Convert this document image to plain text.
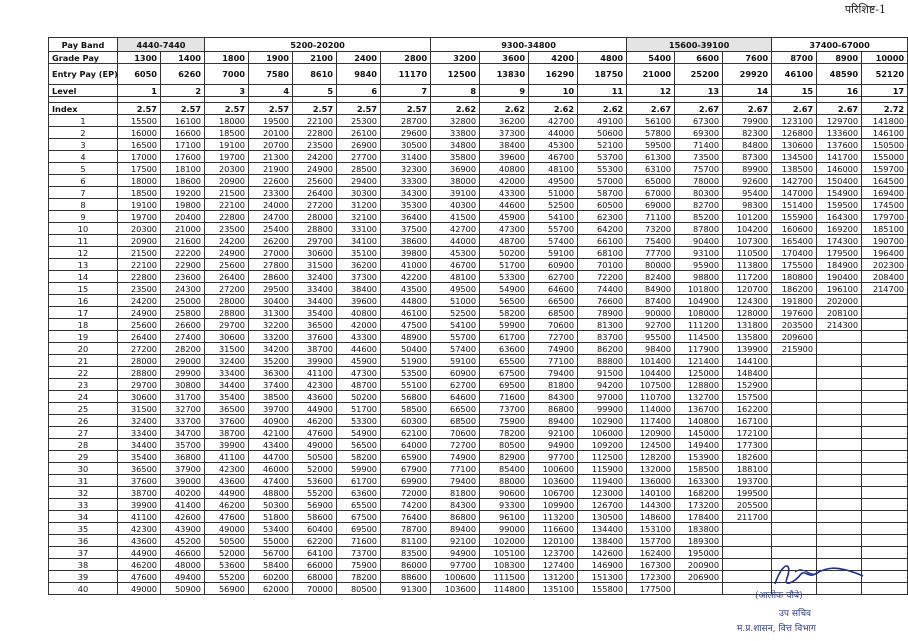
परिशिष्ट-1
Pay Band	4440-7440		5200-20200					9300-34800				15600-39100			37400-67000		
Grade Pay	1300	1400	1800	1900	2100	2400	2800	3200	3600	4200	4800	5400	6600	7600	8700	8900	10000
Entry Pay (EP)	6050	6260	7000	7580	8610	9840	11170	12500	13830	16290	18750	21000	25200	29920	46100	48590	52120
Level	1	2	3	4	5	6	7	8	9	10	11	12	13	14	15	16	17

Index	2.57	2.57	2.57	2.57	2.57	2.57	2.57	2.62	2.62	2.62	2.62	2.67	2.67	2.67	2.67	2.67	2.72
1	15500	16100	18000	19500	22100	25300	28700	32800	36200	42700	49100	56100	67300	79900	123100	129700	141800
2	16000	16600	18500	20100	22800	26100	29600	33800	37300	44000	50600	57800	69300	82300	126800	133600	146100
3	16500	17100	19100	20700	23500	26900	30500	34800	38400	45300	52100	59500	71400	84800	130600	137600	150500
4	17000	17600	19700	21300	24200	27700	31400	35800	39600	46700	53700	61300	73500	87300	134500	141700	155000
5	17500	18100	20300	21900	24900	28500	32300	36900	40800	48100	55300	63100	75700	89900	138500	146000	159700
6	18000	18600	20900	22600	25600	29400	33300	38000	42000	49500	57000	65000	78000	92600	142700	150400	164500
7	18500	19200	21500	23300	26400	30300	34300	39100	43300	51000	58700	67000	80300	95400	147000	154900	169400
8	19100	19800	22100	24000	27200	31200	35300	40300	44600	52500	60500	69000	82700	98300	151400	159500	174500
9	19700	20400	22800	24700	28000	32100	36400	41500	45900	54100	62300	71100	85200	101200	155900	164300	179700
10	20300	21000	23500	25400	28800	33100	37500	42700	47300	55700	64200	73200	87800	104200	160600	169200	185100
11	20900	21600	24200	26200	29700	34100	38600	44000	48700	57400	66100	75400	90400	107300	165400	174300	190700
12	21500	22200	24900	27000	30600	35100	39800	45300	50200	59100	68100	77700	93100	110500	170400	179500	196400
13	22100	22900	25600	27800	31500	36200	41000	46700	51700	60900	70100	80000	95900	113800	175500	184900	202300
14	22800	23600	26400	28600	32400	37300	42200	48100	53300	62700	72200	82400	98800	117200	180800	190400	208400
15	23500	24300	27200	29500	33400	38400	43500	49500	54900	64600	74400	84900	101800	120700	186200	196100	214700
16	24200	25000	28000	30400	34400	39600	44800	51000	56500	66500	76600	87400	104900	124300	191800	202000	
17	24900	25800	28800	31300	35400	40800	46100	52500	58200	68500	78900	90000	108000	128000	197600	208100	
18	25600	26600	29700	32200	36500	42000	47500	54100	59900	70600	81300	92700	111200	131800	203500	214300	
19	26400	27400	30600	33200	37600	43300	48900	55700	61700	72700	83700	95500	114500	135800	209600		
20	27200	28200	31500	34200	38700	44600	50400	57400	63600	74900	86200	98400	117900	139900	215900		
21	28000	29000	32400	35200	39900	45900	51900	59100	65500	77100	88800	101400	121400	144100			
22	28800	29900	33400	36300	41100	47300	53500	60900	67500	79400	91500	104400	125000	148400			
23	29700	30800	34400	37400	42300	48700	55100	62700	69500	81800	94200	107500	128800	152900			
24	30600	31700	35400	38500	43600	50200	56800	64600	71600	84300	97000	110700	132700	157500			
25	31500	32700	36500	39700	44900	51700	58500	66500	73700	86800	99900	114000	136700	162200			
26	32400	33700	37600	40900	46200	53300	60300	68500	75900	89400	102900	117400	140800	167100			
27	33400	34700	38700	42100	47600	54900	62100	70600	78200	92100	106000	120900	145000	172100			
28	34400	35700	39900	43400	49000	56500	64000	72700	80500	94900	109200	124500	149400	177300			
29	35400	36800	41100	44700	50500	58200	65900	74900	82900	97700	112500	128200	153900	182600			
30	36500	37900	42300	46000	52000	59900	67900	77100	85400	100600	115900	132000	158500	188100			
31	37600	39000	43600	47400	53600	61700	69900	79400	88000	103600	119400	136000	163300	193700			
32	38700	40200	44900	48800	55200	63600	72000	81800	90600	106700	123000	140100	168200	199500			
33	39900	41400	46200	50300	56900	65500	74200	84300	93300	109900	126700	144300	173200	205500			
34	41100	42600	47600	51800	58600	67500	76400	86800	96100	113200	130500	148600	178400	211700			
35	42300	43900	49000	53400	60400	69500	78700	89400	99000	116600	134400	153100	183800				
36	43600	45200	50500	55000	62200	71600	81100	92100	102000	120100	138400	157700	189300				
37	44900	46600	52000	56700	64100	73700	83500	94900	105100	123700	142600	162400	195000				
38	46200	48000	53600	58400	66000	75900	86000	97700	108300	127400	146900	167300	200900				
39	47600	49400	55200	60200	68000	78200	88600	100600	111500	131200	151300	172300	206900				
40	49000	50900	56900	62000	70000	80500	91300	103600	114800	135100	155800	177500					
(आलोक चौबे)
उप सचिव
म.प्र.शासन, वित्त विभाग
